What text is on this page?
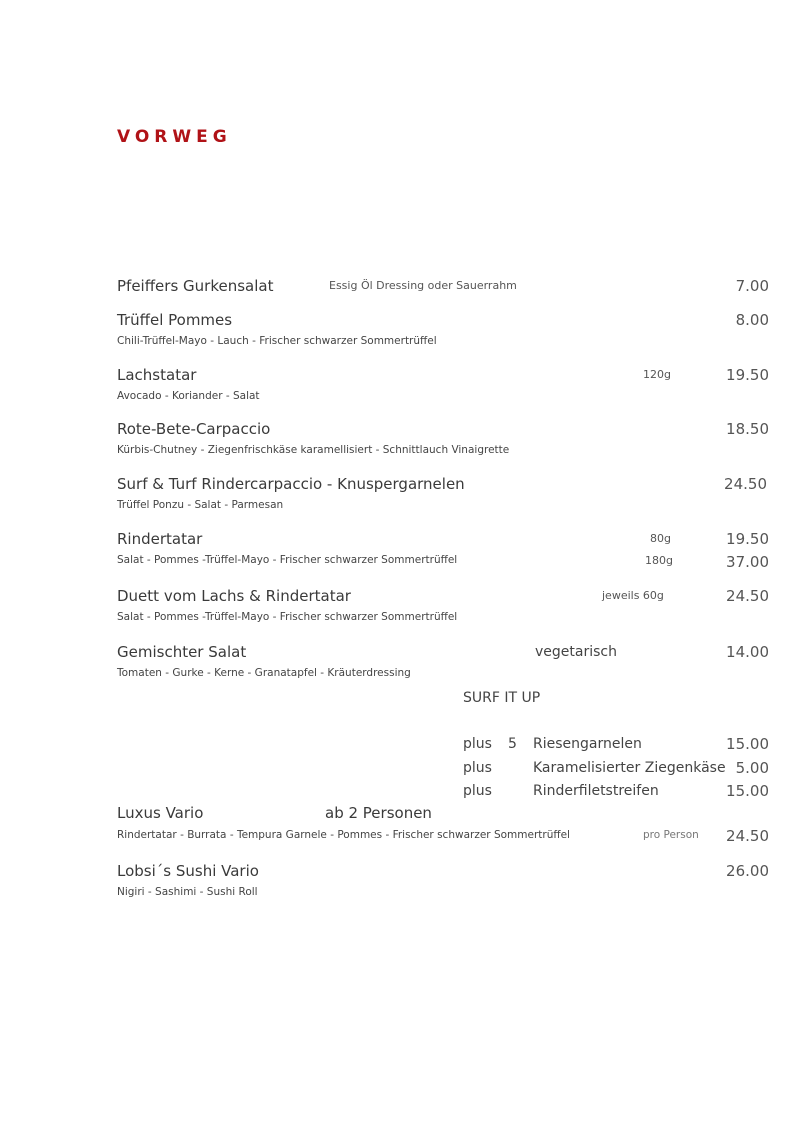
VORWEG
Pfeiffers Gurkensalat	Essig Öl Dressing oder Sauerrahm	7.00
Trüffel Pommes	8.00
Chili-Trüffel-Mayo - Lauch - Frischer schwarzer Sommertrüffel
Lachstatar	120g	19.50
Avocado - Koriander - Salat
Rote-Bete-Carpaccio	18.50
Kürbis-Chutney - Ziegenfrischkäse karamellisiert - Schnittlauch Vinaigrette
Surf & Turf Rindercarpaccio - Knuspergarnelen	24.50
Trüffel Ponzu - Salat - Parmesan
Rindertatar	80g	19.50
Salat - Pommes -Trüffel-Mayo - Frischer schwarzer Sommertrüffel	180g	37.00
Duett vom Lachs & Rindertatar	jeweils 60g	24.50
Salat - Pommes -Trüffel-Mayo - Frischer schwarzer Sommertrüffel
Gemischter Salat	vegetarisch	14.00
Tomaten - Gurke - Kerne - Granatapfel - Kräuterdressing
SURF IT UP
plus 5 Riesengarnelen	15.00
plus	Karamelisierter Ziegenkäse 5.00
plus	Rinderfiletstreifen	15.00
Luxus Vario	ab 2 Personen
Rindertatar - Burrata - Tempura Garnele - Pommes - Frischer schwarzer Sommertrüffel	pro Person 24.50
Lobsi´s Sushi Vario	26.00
Nigiri - Sashimi - Sushi Roll
